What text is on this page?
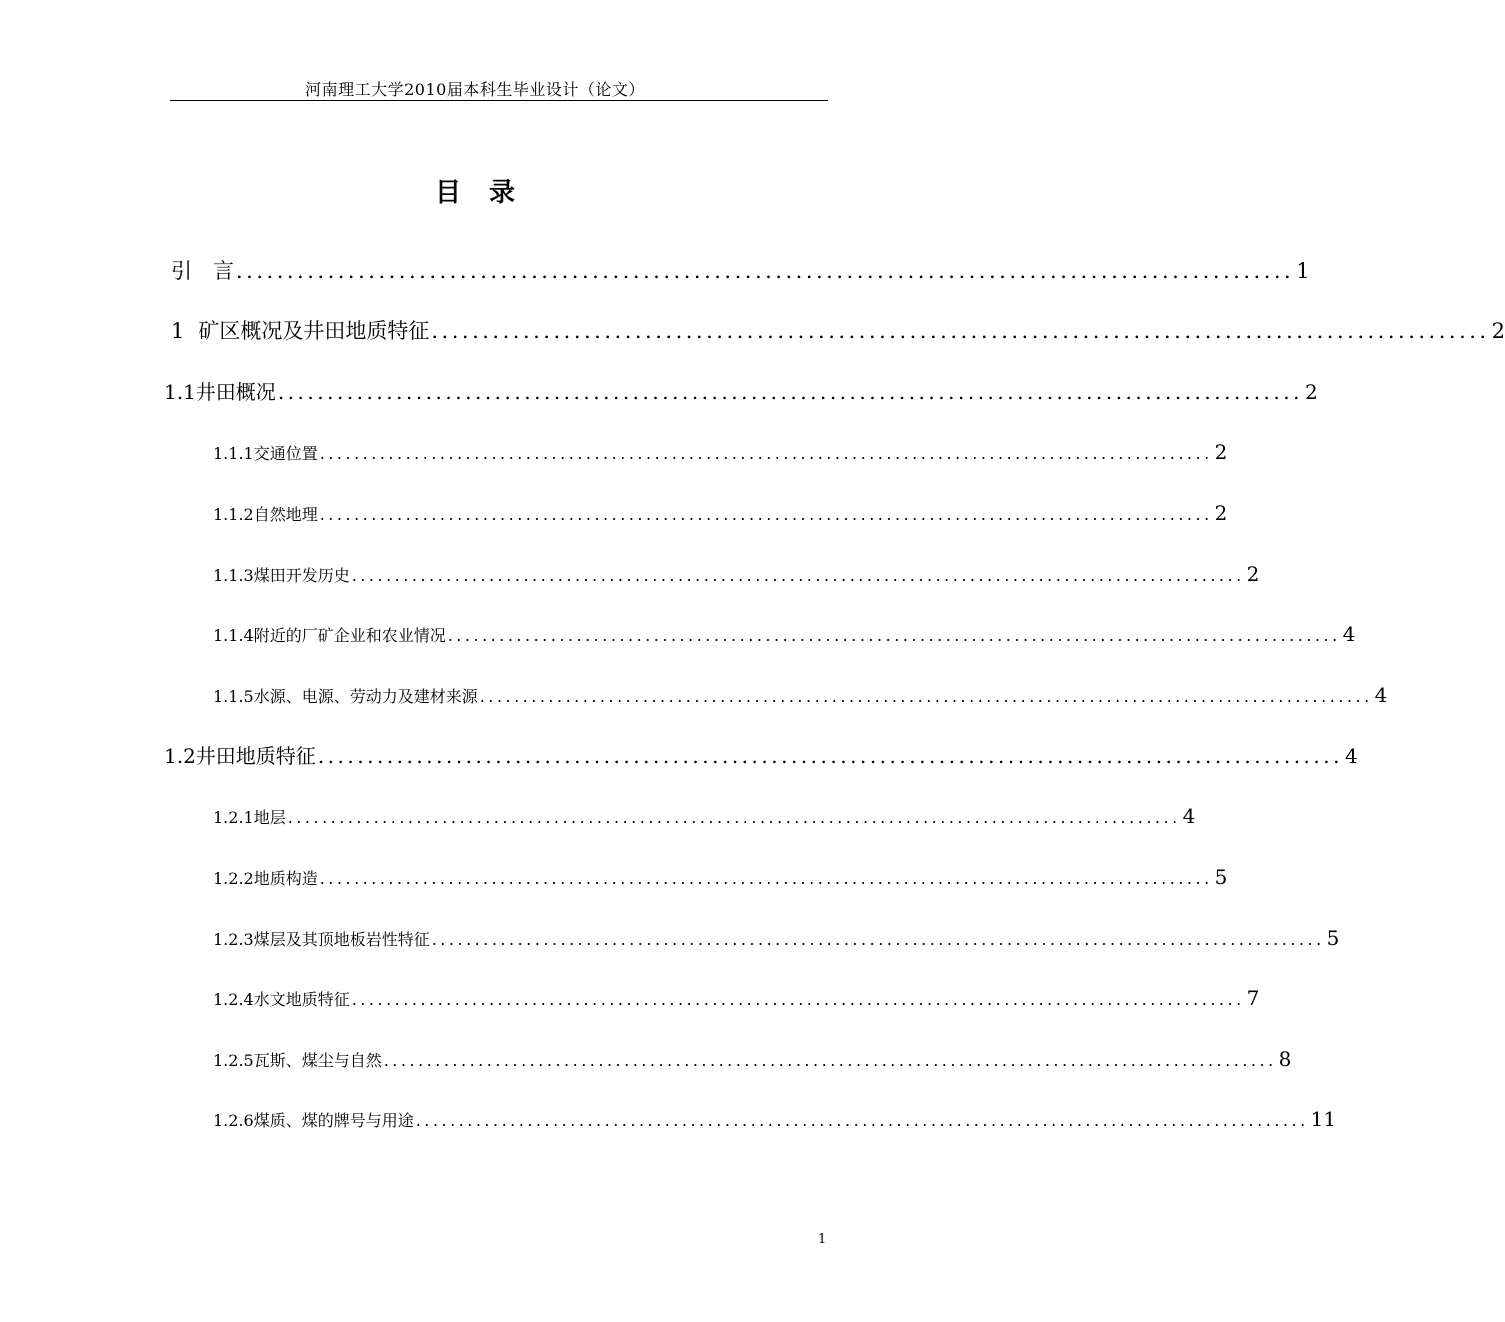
河南理工大学2010届本科生毕业设计（论文）
目录
引　言 ........................................................................................................ 1
1 矿区概况及井田地质特征 ........................................................................................................ 2
1.1井田概况 ........................................................................................................ 2
1.1.1交通位置 ........................................................................................................ 2
1.1.2自然地理 ........................................................................................................ 2
1.1.3煤田开发历史 ........................................................................................................ 2
1.1.4附近的厂矿企业和农业情况 ........................................................................................................ 4
1.1.5水源、电源、劳动力及建材来源 ........................................................................................................ 4
1.2井田地质特征 ........................................................................................................ 4
1.2.1地层 ........................................................................................................ 4
1.2.2地质构造 ........................................................................................................ 5
1.2.3煤层及其顶地板岩性特征 ........................................................................................................ 5
1.2.4水文地质特征 ........................................................................................................ 7
1.2.5瓦斯、煤尘与自然 ........................................................................................................ 8
1.2.6煤质、煤的牌号与用途 ........................................................................................................ 11
1
